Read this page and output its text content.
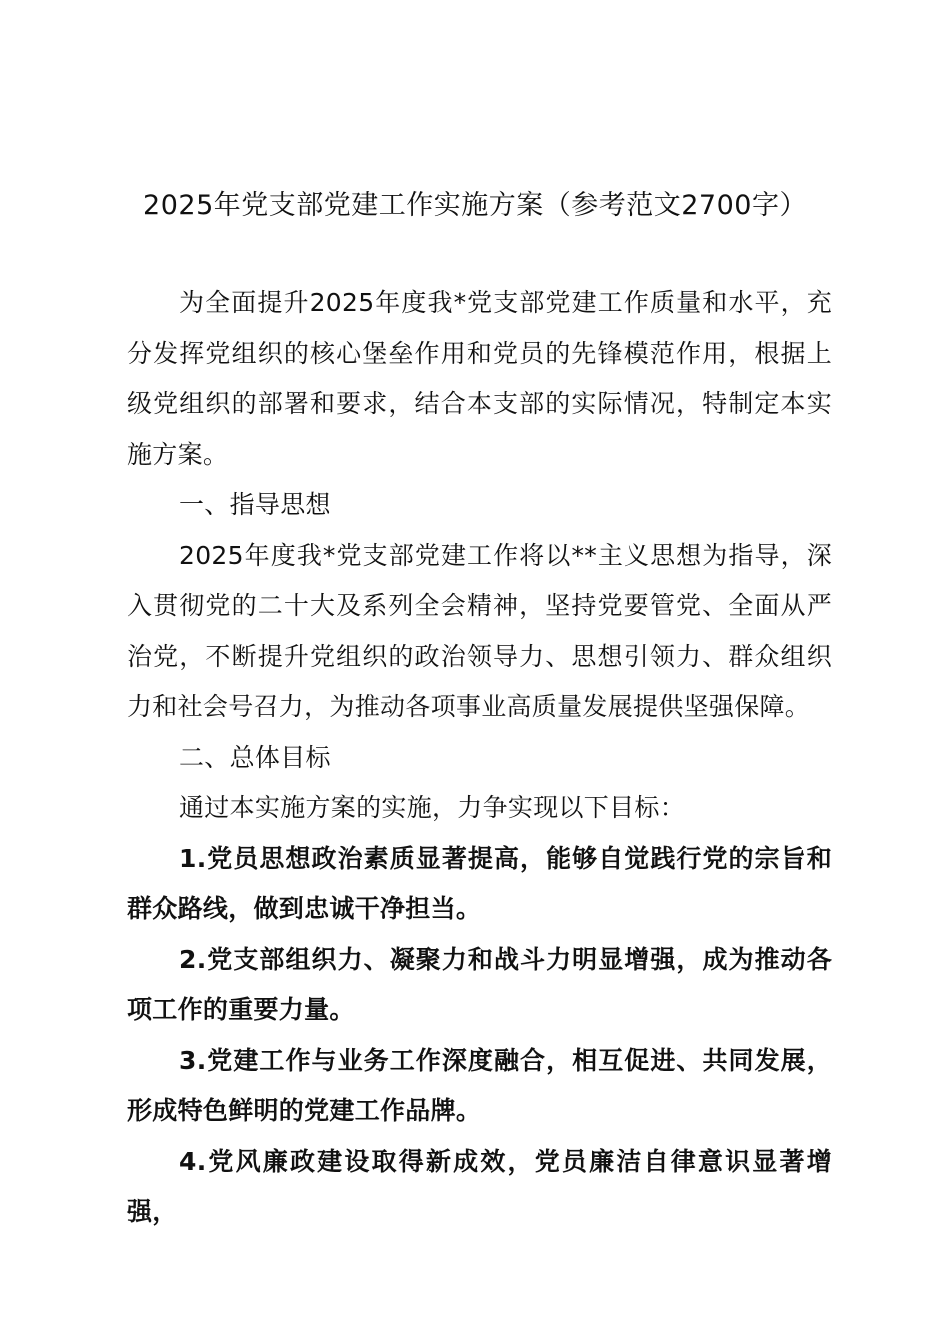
2025年党支部党建工作实施方案（参考范文2700字）

为全面提升2025年度我*党支部党建工作质量和水平，充分发挥党组织的核心堡垒作用和党员的先锋模范作用，根据上级党组织的部署和要求，结合本支部的实际情况，特制定本实施方案。

一、指导思想

2025年度我*党支部党建工作将以**主义思想为指导，深入贯彻党的二十大及系列全会精神，坚持党要管党、全面从严治党，不断提升党组织的政治领导力、思想引领力、群众组织力和社会号召力，为推动各项事业高质量发展提供坚强保障。

二、总体目标

通过本实施方案的实施，力争实现以下目标：

1.党员思想政治素质显著提高，能够自觉践行党的宗旨和群众路线，做到忠诚干净担当。

2.党支部组织力、凝聚力和战斗力明显增强，成为推动各项工作的重要力量。

3.党建工作与业务工作深度融合，相互促进、共同发展，形成特色鲜明的党建工作品牌。

4.党风廉政建设取得新成效，党员廉洁自律意识显著增强，
